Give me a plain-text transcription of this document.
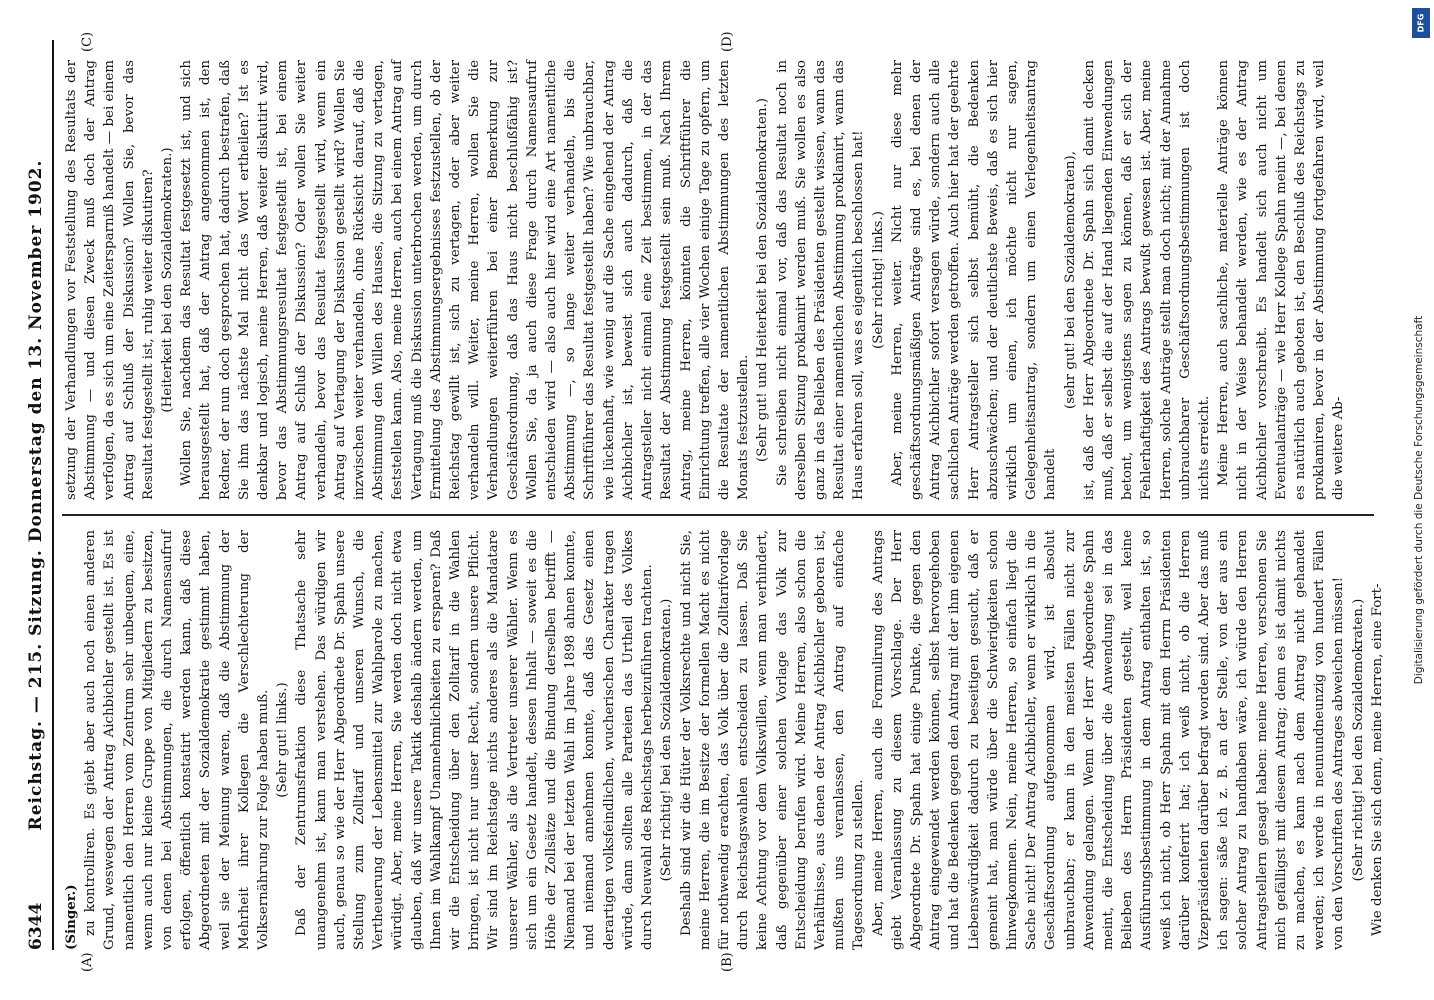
6344
Reichstag. — 215. Sitzung. Donnerstag den 13. November 1902.
(A)	(B)
(C)	(D)

(Singer.) zu kontrolliren. Es giebt aber auch noch einen anderen Grund, weswegen der Antrag Aichbichler gestellt ist. Es ist namentlich den Herren vom Zentrum sehr unbequem, eine, wenn auch nur kleine Gruppe von Mitgliedern zu besitzen, von denen bei Abstimmungen, die durch Namensaufruf erfolgen, öffentlich konstatirt werden kann, daß diese Abgeordneten mit der Sozialdemokratie gestimmt haben, weil sie der Meinung waren, daß die Abstimmung der Mehrheit ihrer Kollegen die Verschlechterung der Volksernährung zur Folge haben muß. (Sehr gut! links.) Daß der Zentrumsfraktion diese Thatsache sehr unangenehm ist, kann man verstehen. Das würdigen wir auch, genau so wie der Herr Abgeordnete Dr. Spahn unsere Stellung zum Zolltarif und unseren Wunsch, die Vertheuerung der Lebensmittel zur Wahlparole zu machen, würdigt. Aber, meine Herren, Sie werden doch nicht etwa glauben, daß wir unsere Taktik deshalb ändern werden, um Ihnen im Wahlkampf Unannehmlichkeiten zu ersparen? Daß wir die Entscheidung über den Zolltarif in die Wahlen bringen, ist nicht nur unser Recht, sondern unsere Pflicht. Wir sind im Reichstage nichts anderes als die Mandatare unserer Wähler, als die Vertreter unserer Wähler. Wenn es sich um ein Gesetz handelt, dessen Inhalt — soweit es die Höhe der Zollsätze und die Bindung derselben betrifft — Niemand bei der letzten Wahl im Jahre 1898 ahnen konnte, und niemand annehmen konnte, daß das Gesetz einen derartigen volksfeindlichen, wucherischen Charakter tragen würde, dann sollten alle Parteien das Urtheil des Volkes durch Neuwahl des Reichstags herbeizuführen trachten. (Sehr richtig! bei den Sozialdemokraten.) Deshalb sind wir die Hüter der Volksrechte und nicht Sie, meine Herren, die im Besitze der formellen Macht es nicht für nothwendig erachten, das Volk über die Zolltarifvorlage durch Reichstagswahlen entscheiden zu lassen. Daß Sie keine Achtung vor dem Volkswillen, wenn man verhindert, daß gegenüber einer solchen Vorlage das Volk zur Entscheidung berufen wird. Meine Herren, also schon die Verhältnisse, aus denen der Antrag Aichbichler geboren ist, mußten uns veranlassen, den Antrag auf einfache Tagesordnung zu stellen. Aber, meine Herren, auch die Formulirung des Antrags giebt Veranlassung zu diesem Vorschlage. Der Herr Abgeordnete Dr. Spahn hat einige Punkte, die gegen den Antrag eingewendet werden können, selbst hervorgehoben und hat die Bedenken gegen den Antrag mit der ihm eigenen Liebenswürdigkeit dadurch zu beseitigen gesucht, daß er gemeint hat, man würde über die Schwierigkeiten schon hinwegkommen. Nein, meine Herren, so einfach liegt die Sache nicht! Der Antrag Aichbichler, wenn er wirklich in die Geschäftsordnung aufgenommen wird, ist absolut unbrauchbar; er kann in den meisten Fällen nicht zur Anwendung gelangen. Wenn der Herr Abgeordnete Spahn meint, die Entscheidung über die Anwendung sei in das Belieben des Herrn Präsidenten gestellt, weil keine Ausführungsbestimmung in dem Antrag enthalten ist, so weiß ich nicht, ob Herr Spahn mit dem Herrn Präsidenten darüber konferirt hat; ich weiß nicht, ob die Herren Vizepräsidenten darüber befragt worden sind. Aber das muß ich sagen: säße ich z. B. an der Stelle, von der aus ein solcher Antrag zu handhaben wäre, ich würde den Herren Antragstellern gesagt haben: meine Herren, verschonen Sie mich gefälligst mit diesem Antrag; denn es ist damit nichts zu machen, es kann nach dem Antrag nicht gehandelt werden; ich werde in neunundneunzig von hundert Fällen von den Vorschriften des Antrages abweichen müssen! (Sehr richtig! bei den Sozialdemokraten.) Wie denken Sie sich denn, meine Herren, eine Fort-

setzung der Verhandlungen vor Feststellung des Resultats der Abstimmung — und diesen Zweck muß doch der Antrag verfolgen, da es sich um eine Zeitersparniß handelt — bei einem Antrag auf Schluß der Diskussion? Wollen Sie, bevor das Resultat festgestellt ist, ruhig weiter diskutiren? (Heiterkeit bei den Sozialdemokraten.) Wollen Sie, nachdem das Resultat festgesetzt ist, und sich herausgestellt hat, daß der Antrag angenommen ist, den Redner, der nun doch gesprochen hat, dadurch bestrafen, daß Sie ihm das nächste Mal nicht das Wort ertheilen? Ist es denkbar und logisch, meine Herren, daß weiter diskutirt wird, bevor das Abstimmungsresultat festgestellt ist, bei einem Antrag auf Schluß der Diskussion? Oder wollen Sie weiter verhandeln, bevor das Resultat festgestellt wird, wenn ein Antrag auf Vertagung der Diskussion gestellt wird? Wollen Sie inzwischen weiter verhandeln, ohne Rücksicht darauf, daß die Abstimmung den Willen des Hauses, die Sitzung zu vertagen, feststellen kann. Also, meine Herren, auch bei einem Antrag auf Vertagung muß die Diskussion unterbrochen werden, um durch Ermittelung des Abstimmungsergebnisses festzustellen, ob der Reichstag gewillt ist, sich zu vertagen, oder aber weiter verhandeln will. Weiter, meine Herren, wollen Sie die Verhandlungen weiterführen bei einer Bemerkung zur Geschäftsordnung, daß das Haus nicht beschlußfähig ist? Wollen Sie, da ja auch diese Frage durch Namensaufruf entschieden wird — also auch hier wird eine Art namentliche Abstimmung —, so lange weiter verhandeln, bis die Schriftführer das Resultat festgestellt haben? Wie unbrauchbar, wie lückenhaft, wie wenig auf die Sache eingehend der Antrag Aichbichler ist, beweist sich auch dadurch, daß die Antragsteller nicht einmal eine Zeit bestimmen, in der das Resultat der Abstimmung festgestellt sein muß. Nach Ihrem Antrag, meine Herren, könnten die Schriftführer die Einrichtung treffen, alle vier Wochen einige Tage zu opfern, um die Resultate der namentlichen Abstimmungen des letzten Monats festzustellen. (Sehr gut! und Heiterkeit bei den Sozialdemokraten.) Sie schreiben nicht einmal vor, daß das Resultat noch in derselben Sitzung proklamirt werden muß. Sie wollen es also ganz in das Belieben des Präsidenten gestellt wissen, wann das Resultat einer namentlichen Abstimmung proklamirt, wann das Haus erfahren soll, was es eigentlich beschlossen hat! (Sehr richtig! links.) Aber, meine Herren, weiter. Nicht nur diese mehr geschäftsordnungsmäßigen Anträge sind es, bei denen der Antrag Aichbichler sofort versagen würde, sondern auch alle sachlichen Anträge werden getroffen. Auch hier hat der geehrte Herr Antragsteller sich selbst bemüht, die Bedenken abzuschwächen; und der deutlichste Beweis, daß es sich hier wirklich um einen, ich möchte nicht nur sagen, Gelegenheitsantrag, sondern um einen Verlegenheitsantrag handelt

(sehr gut! bei den Sozialdemokraten), ist, daß der Herr Abgeordnete Dr. Spahn sich damit decken muß, daß er selbst die auf der Hand liegenden Einwendungen betont, um wenigstens sagen zu können, daß er sich der Fehlerhaftigkeit des Antrags bewußt gewesen ist. Aber, meine Herren, solche Anträge stellt man doch nicht; mit der Annahme unbrauchbarer Geschäftsordnungsbestimmungen ist doch nichts erreicht. Meine Herren, auch sachliche, materielle Anträge können nicht in der Weise behandelt werden, wie es der Antrag Aichbichler vorschreibt. Es handelt sich auch nicht um Eventualanträge — wie Herr Kollege Spahn meint —, bei denen es natürlich auch geboten ist, den Beschluß des Reichstags zu proklamiren, bevor in der Abstimmung fortgefahren wird, weil die weitere Ab-

DFG
Digitalisierung gefördert durch die Deutsche Forschungsgemeinschaft
